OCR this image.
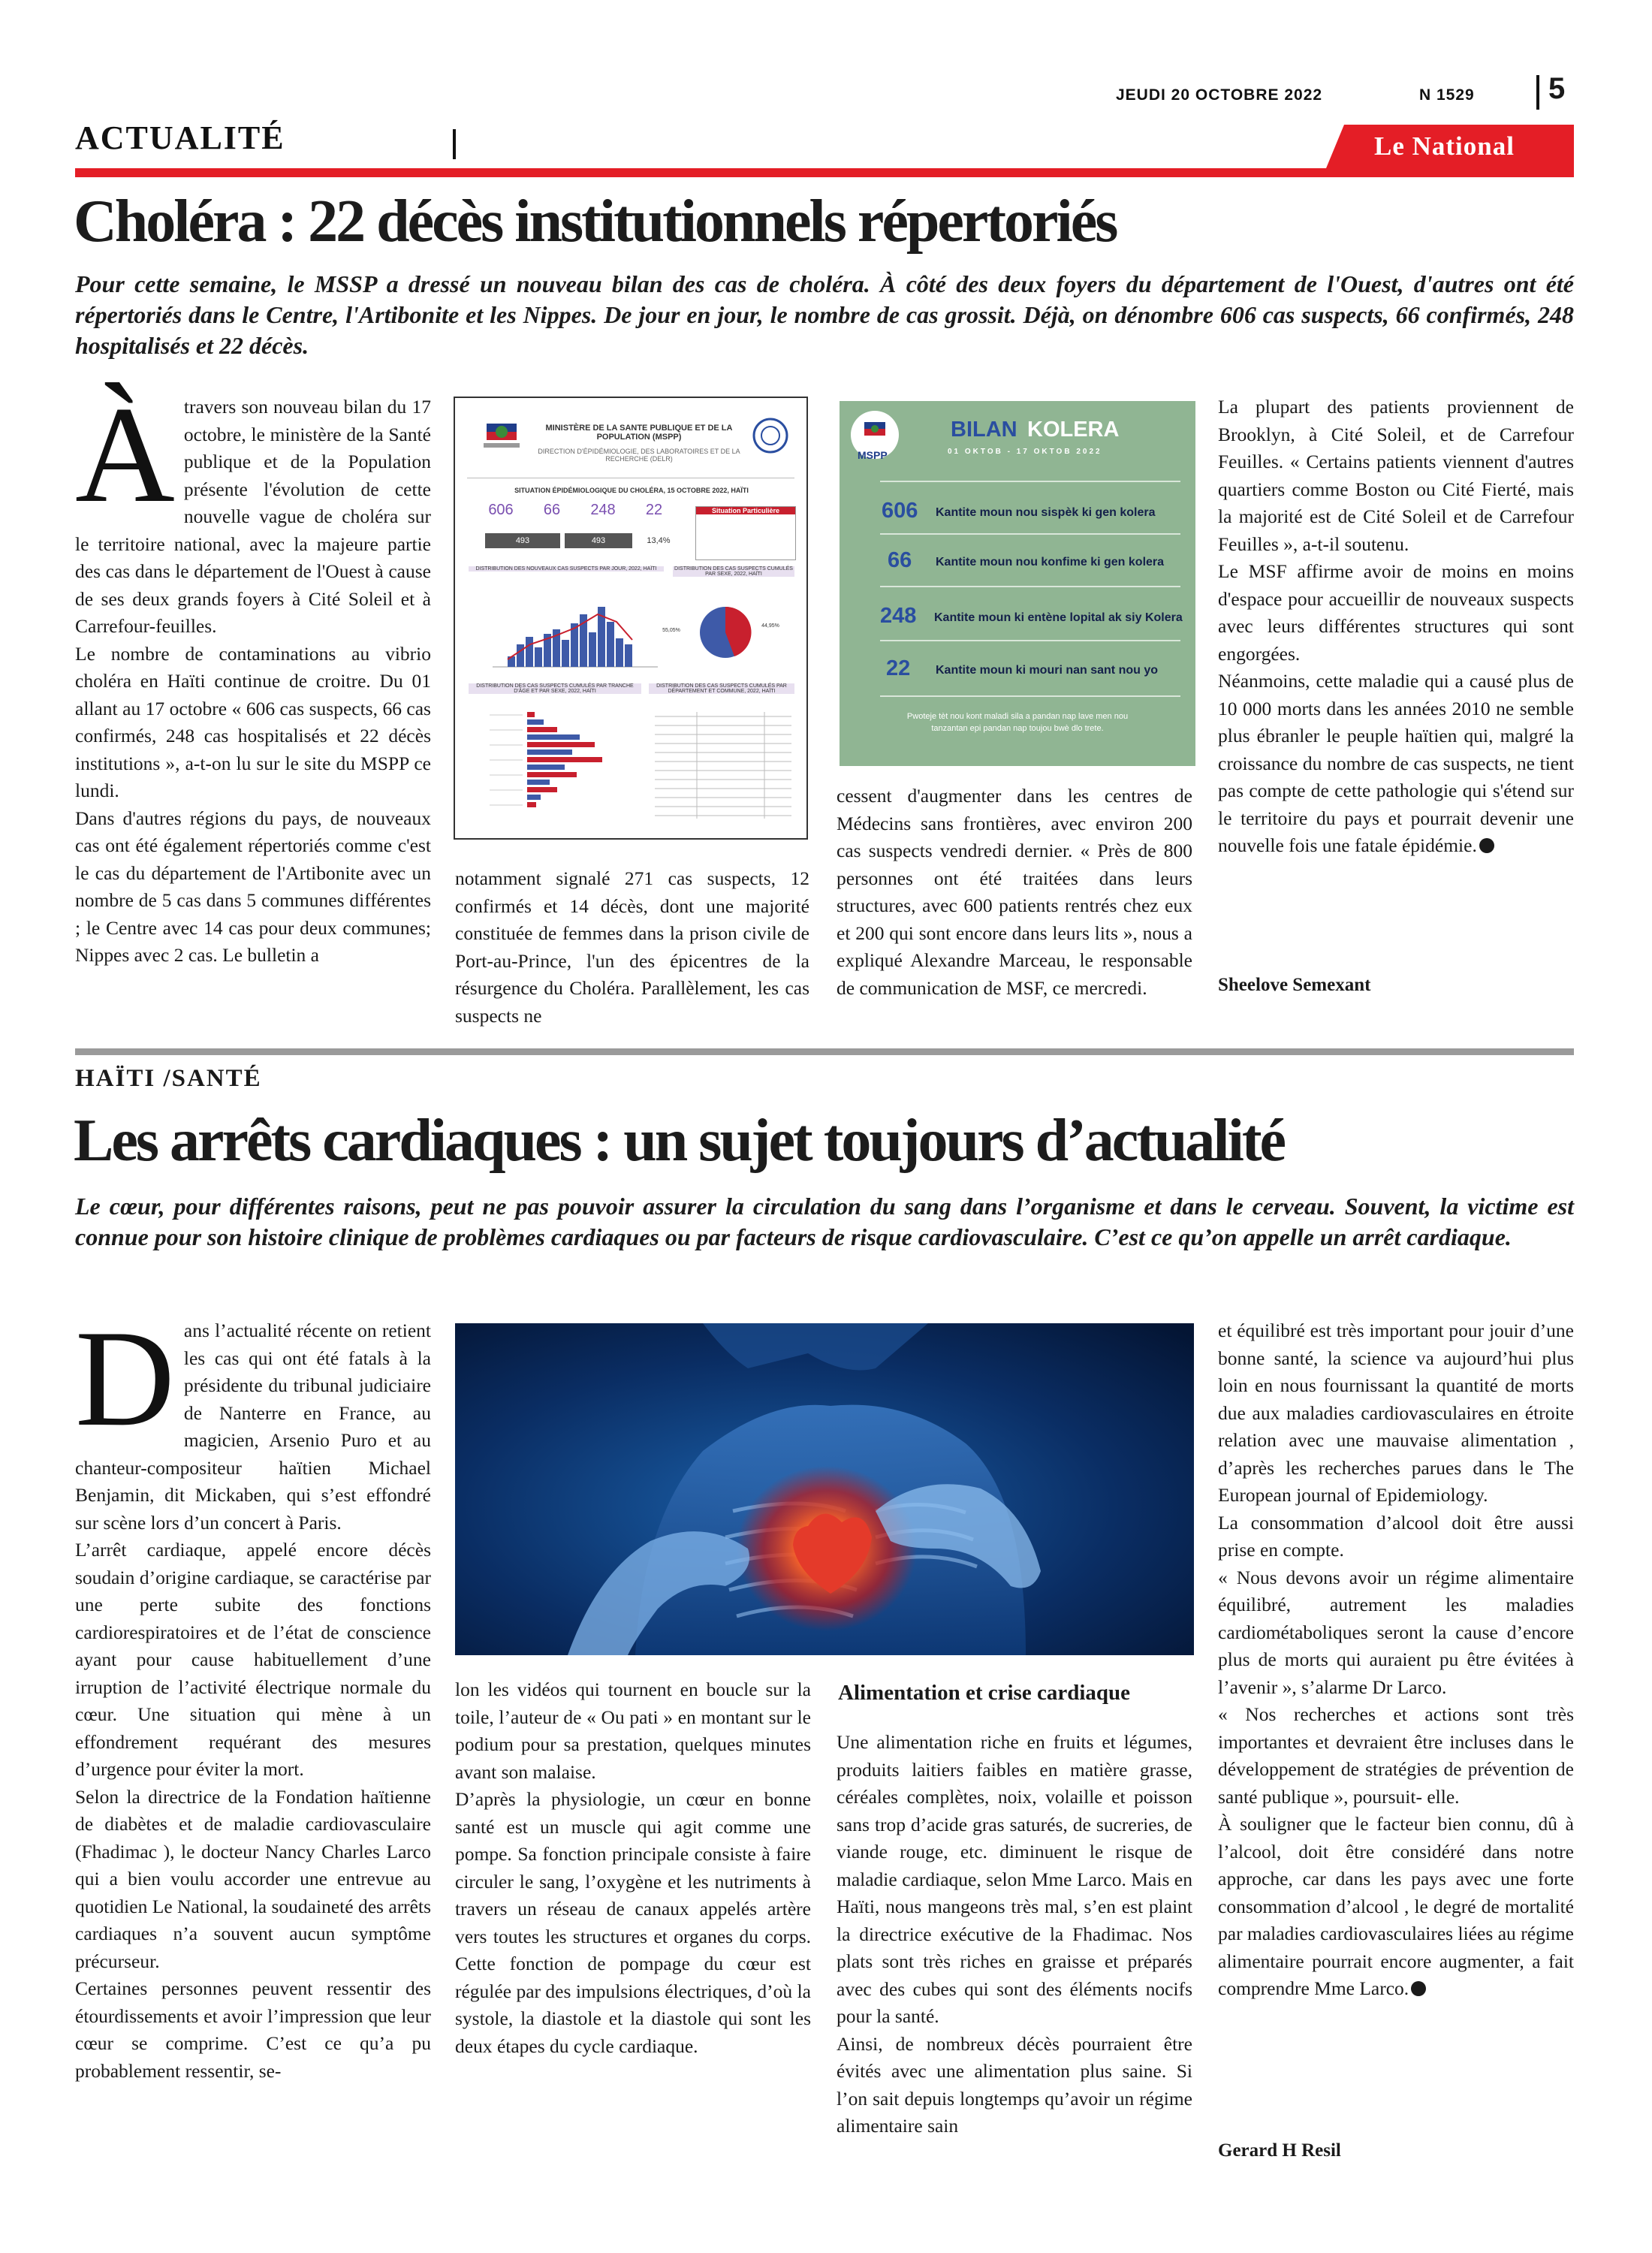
JEUDI 20 OCTOBRE 2022	N 1529 5
ACTUALITÉ	Le National
Choléra : 22 décès institutionnels répertoriés
Pour cette semaine, le MSSP a dressé un nouveau bilan des cas de choléra. À côté des deux foyers du département de l'Ouest, d'autres ont été répertoriés dans le Centre, l'Artibonite et les Nippes. De jour en jour, le nombre de cas grossit. Déjà, on dénombre 606 cas suspects, 66 confirmés, 248 hospitalisés et 22 décès.
À travers son nouveau bilan du 17 octobre, le ministère de la Santé publique et de la Population présente l'évolution de cette nouvelle vague de choléra sur le territoire national, avec la majeure partie des cas dans le département de l'Ouest à cause de ses deux grands foyers à Cité Soleil et à Carrefour-feuilles.

Le nombre de contaminations au vibrio choléra en Haïti continue de croitre. Du 01 allant au 17 octobre « 606 cas suspects, 66 cas confirmés, 248 cas hospitalisés et 22 décès institutions », a-t-on lu sur le site du MSPP ce lundi.

Dans d'autres régions du pays, de nouveaux cas ont été également répertoriés comme c'est le cas du département de l'Artibonite avec un nombre de 5 cas dans 5 communes différentes ; le Centre avec 14 cas pour deux communes; Nippes avec 2 cas. Le bulletin a

MINISTÈRE DE LA SANTE PUBLIQUE ET DE LA POPULATION (MSPP)
DIRECTION D'ÉPIDÉMIOLOGIE, DES LABORATOIRES ET DE LA RECHERCHE (DELR)
SITUATION ÉPIDÉMIOLOGIQUE DU CHOLÉRA, 15 OCTOBRE 2022, HAÏTI
606	66	248	22
493	493	13,4%
Situation Particulière
DISTRIBUTION DES NOUVEAUX CAS SUSPECTS PAR JOUR, 2022, HAÏTI	DISTRIBUTION DES CAS SUSPECTS CUMULÉS PAR SEXE, 2022, HAÏTI
55,05%
44,95%
DISTRIBUTION DES CAS SUSPECTS CUMULÉS PAR TRANCHE D'ÂGE ET PAR SEXE, 2022, HAÏTI
DISTRIBUTION DES CAS SUSPECTS CUMULÉS PAR DÉPARTEMENT ET COMMUNE, 2022, HAÏTI
MSPP
BILAN KOLERA
01 OKTOB - 17 OKTOB 2022
606 Kantite moun nou sispèk ki gen kolera
66 Kantite moun nou konfime ki gen kolera
248 Kantite moun ki entène lopital ak siy Kolera
22 Kantite moun ki mouri nan sant nou yo
Pwoteje tèt nou kont maladi sila a pandan nap lave men nou
tanzantan epi pandan nap toujou bwè dlo trete.

notamment signalé 271 cas suspects, 12 confirmés et 14 décès, dont une majorité constituée de femmes dans la prison civile de Port-au-Prince, l'un des épicentres de la résurgence du Choléra. Parallèlement, les cas suspects ne

cessent d'augmenter dans les centres de Médecins sans frontières, avec environ 200 cas suspects vendredi dernier. « Près de 800 personnes ont été traitées dans leurs structures, avec 600 patients rentrés chez eux et 200 qui sont encore dans leurs lits », nous a expliqué Alexandre Marceau, le responsable de communication de MSF, ce mercredi.

La plupart des patients proviennent de Brooklyn, à Cité Soleil, et de Carrefour Feuilles. « Certains patients viennent d'autres quartiers comme Boston ou Cité Fierté, mais la majorité est de Cité Soleil et de Carrefour Feuilles », a-t-il soutenu.

Le MSF affirme avoir de moins en moins d'espace pour accueillir de nouveaux suspects avec leurs différentes structures qui sont engorgées.

Néanmoins, cette maladie qui a causé plus de 10 000 morts dans les années 2010 ne semble plus ébranler le peuple haïtien qui, malgré la croissance du nombre de cas suspects, ne tient pas compte de cette pathologie qui s'étend sur le territoire du pays et pourrait devenir une nouvelle fois une fatale épidémie.

Sheelove Semexant
HAÏTI /SANTÉ
Les arrêts cardiaques : un sujet toujours d’actualité
Le cœur, pour différentes raisons, peut ne pas pouvoir assurer la circulation du sang dans l’organisme et dans le cerveau. Souvent, la victime est connue pour son histoire clinique de problèmes cardiaques ou par facteurs de risque cardiovasculaire. C’est ce qu’on appelle un arrêt cardiaque.
D ans l’actualité récente on retient les cas qui ont été fatals à la présidente du tribunal judiciaire de Nanterre en France, au magicien, Arsenio Puro et au chanteur-compositeur haïtien Michael Benjamin, dit Mickaben, qui s’est effondré sur scène lors d’un concert à Paris.

L’arrêt cardiaque, appelé encore décès soudain d’origine cardiaque, se caractérise par une perte subite des fonctions cardiorespiratoires et de l’état de conscience ayant pour cause habituellement d’une irruption de l’activité électrique normale du cœur. Une situation qui mène à un effondrement requérant des mesures d’urgence pour éviter la mort.

Selon la directrice de la Fondation haïtienne de diabètes et de maladie cardiovasculaire (Fhadimac ), le docteur Nancy Charles Larco qui a bien voulu accorder une entrevue au quotidien Le National, la soudaineté des arrêts cardiaques n’a souvent aucun symptôme précurseur.

Certaines personnes peuvent ressentir des étourdissements et avoir l’impression que leur cœur se comprime. C’est ce qu’a pu probablement ressentir, se-

lon les vidéos qui tournent en boucle sur la toile, l’auteur de « Ou pati » en montant sur le podium pour sa prestation, quelques minutes avant son malaise.

D’après la physiologie, un cœur en bonne santé est un muscle qui agit comme une pompe. Sa fonction principale consiste à faire circuler le sang, l’oxygène et les nutriments à travers un réseau de canaux appelés artère vers toutes les structures et organes du corps. Cette fonction de pompage du cœur est régulée par des impulsions électriques, d’où la systole, la diastole et la diastole qui sont les deux étapes du cycle cardiaque.

Alimentation et crise cardiaque

Une alimentation riche en fruits et légumes, produits laitiers faibles en matière grasse, céréales complètes, noix, volaille et poisson sans trop d’acide gras saturés, de sucreries, de viande rouge, etc. diminuent le risque de maladie cardiaque, selon Mme Larco. Mais en Haïti, nous mangeons très mal, s’en est plaint la directrice exécutive de la Fhadimac. Nos plats sont très riches en graisse et préparés avec des cubes qui sont des éléments nocifs pour la santé.

Ainsi, de nombreux décès pourraient être évités avec une alimentation plus saine. Si l’on sait depuis longtemps qu’avoir un régime alimentaire sain

et équilibré est très important pour jouir d’une bonne santé, la science va aujourd’hui plus loin en nous fournissant la quantité de morts due aux maladies cardiovasculaires en étroite relation avec une mauvaise alimentation , d’après les recherches parues dans le The European journal of Epidemiology.

La consommation d’alcool doit être aussi prise en compte.

« Nous devons avoir un régime alimentaire équilibré, autrement les maladies cardiométaboliques seront la cause d’encore plus de morts qui auraient pu être évitées à l’avenir », s’alarme Dr Larco.

« Nos recherches et actions sont très importantes et devraient être incluses dans le développement de stratégies de prévention de santé publique », poursuit- elle.

À souligner que le facteur bien connu, dû à l’alcool, doit être considéré dans notre approche, car dans les pays avec une forte consommation d’alcool , le degré de mortalité par maladies cardiovasculaires liées au régime alimentaire pourrait encore augmenter, a fait comprendre Mme Larco.

Gerard H Resil
